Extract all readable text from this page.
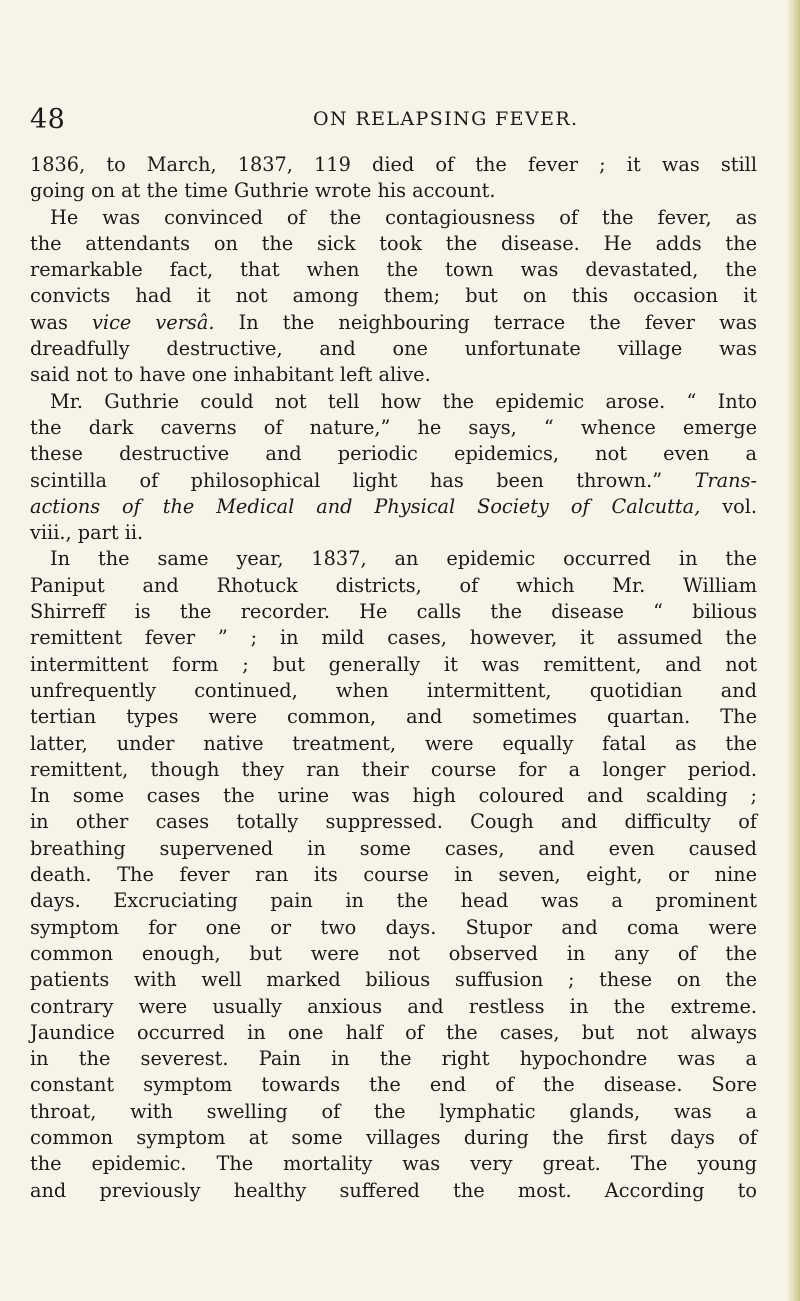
48	ON RELAPSING FEVER.
1836, to March, 1837, 119 died of the fever ; it was still
going on at the time Guthrie wrote his account.
He was convinced of the contagiousness of the fever, as
the attendants on the sick took the disease. He adds the
remarkable fact, that when the town was devastated, the
convicts had it not among them; but on this occasion it
was vice versâ. In the neighbouring terrace the fever was
dreadfully destructive, and one unfortunate village was
said not to have one inhabitant left alive.
Mr. Guthrie could not tell how the epidemic arose. “ Into
the dark caverns of nature,” he says, “ whence emerge
these destructive and periodic epidemics, not even a
scintilla of philosophical light has been thrown.” Trans-
actions of the Medical and Physical Society of Calcutta, vol.
viii., part ii.
In the same year, 1837, an epidemic occurred in the
Paniput and Rhotuck districts, of which Mr. William
Shirreff is the recorder. He calls the disease “ bilious
remittent fever ” ; in mild cases, however, it assumed the
intermittent form ; but generally it was remittent, and not
unfrequently continued, when intermittent, quotidian and
tertian types were common, and sometimes quartan. The
latter, under native treatment, were equally fatal as the
remittent, though they ran their course for a longer period.
In some cases the urine was high coloured and scalding ;
in other cases totally suppressed. Cough and difficulty of
breathing supervened in some cases, and even caused
death. The fever ran its course in seven, eight, or nine
days. Excruciating pain in the head was a prominent
symptom for one or two days. Stupor and coma were
common enough, but were not observed in any of the
patients with well marked bilious suffusion ; these on the
contrary were usually anxious and restless in the extreme.
Jaundice occurred in one half of the cases, but not always
in the severest. Pain in the right hypochondre was a
constant symptom towards the end of the disease. Sore
throat, with swelling of the lymphatic glands, was a
common symptom at some villages during the first days of
the epidemic. The mortality was very great. The young
and previously healthy suffered the most. According to
